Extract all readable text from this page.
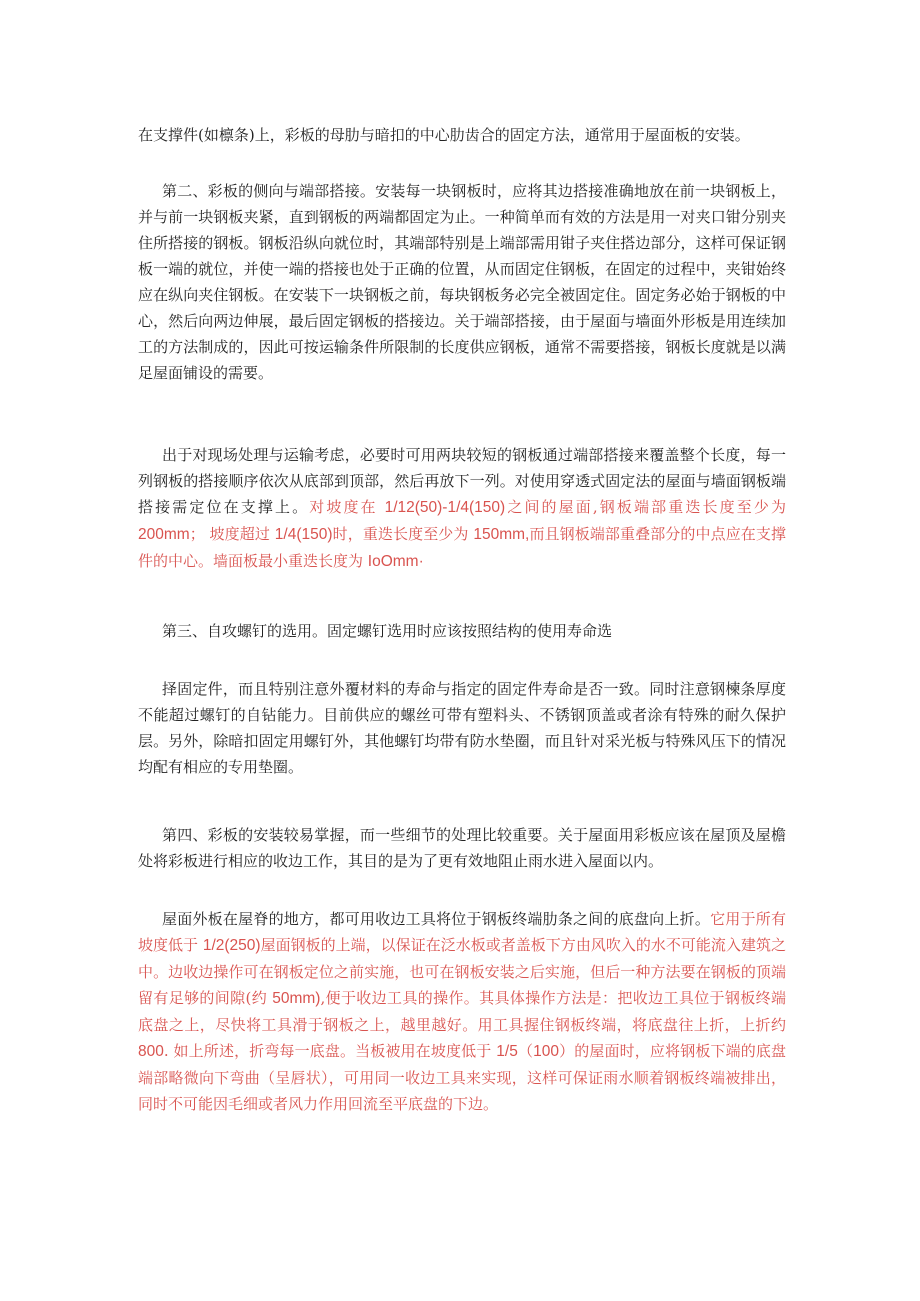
在支撑件(如檩条)上，彩板的母肋与暗扣的中心肋齿合的固定方法，通常用于屋面板的安装。

第二、彩板的侧向与端部搭接。安装每一块钢板时，应将其边搭接准确地放在前一块钢板上，并与前一块钢板夹紧，直到钢板的两端都固定为止。一种简单而有效的方法是用一对夹口钳分别夹住所搭接的钢板。钢板沿纵向就位时，其端部特别是上端部需用钳子夹住搭边部分，这样可保证钢板一端的就位，并使一端的搭接也处于正确的位置，从而固定住钢板，在固定的过程中，夹钳始终应在纵向夹住钢板。在安装下一块钢板之前，每块钢板务必完全被固定住。固定务必始于钢板的中心，然后向两边伸展，最后固定钢板的搭接边。关于端部搭接，由于屋面与墙面外形板是用连续加工的方法制成的，因此可按运输条件所限制的长度供应钢板，通常不需要搭接，钢板长度就是以满足屋面铺设的需要。

出于对现场处理与运输考虑，必要时可用两块较短的钢板通过端部搭接来覆盖整个长度，每一列钢板的搭接顺序依次从底部到顶部，然后再放下一列。对使用穿透式固定法的屋面与墙面钢板端搭接需定位在支撑上。对坡度在 1/12(50)-1/4(150)之间的屋面,钢板端部重迭长度至少为 200mm； 坡度超过 1/4(150)时，重迭长度至少为 150mm,而且钢板端部重叠部分的中点应在支撑件的中心。墙面板最小重迭长度为 IoOmm·

第三、自攻螺钉的选用。固定螺钉选用时应该按照结构的使用寿命选

择固定件，而且特别注意外覆材料的寿命与指定的固定件寿命是否一致。同时注意钢楝条厚度不能超过螺钉的自钻能力。目前供应的螺丝可带有塑料头、不锈钢顶盖或者涂有特殊的耐久保护层。另外，除暗扣固定用螺钉外，其他螺钉均带有防水垫圈，而且针对采光板与特殊风压下的情况均配有相应的专用垫圈。

第四、彩板的安装较易掌握，而一些细节的处理比较重要。关于屋面用彩板应该在屋顶及屋檐处将彩板进行相应的收边工作，其目的是为了更有效地阻止雨水进入屋面以内。

屋面外板在屋脊的地方，都可用收边工具将位于钢板终端肋条之间的底盘向上折。它用于所有坡度低于 1/2(250)屋面钢板的上端，以保证在泛水板或者盖板下方由风吹入的水不可能流入建筑之中。边收边操作可在钢板定位之前实施，也可在钢板安装之后实施，但后一种方法要在钢板的顶端留有足够的间隙(约 50mm),便于收边工具的操作。其具体操作方法是：把收边工具位于钢板终端底盘之上，尽快将工具滑于钢板之上，越里越好。用工具握住钢板终端，将底盘往上折，上折约 800. 如上所述，折弯每一底盘。当板被用在坡度低于 1/5（100）的屋面时，应将钢板下端的底盘端部略微向下弯曲（呈唇状），可用同一收边工具来实现，这样可保证雨水顺着钢板终端被排出，同时不可能因毛细或者风力作用回流至平底盘的下边。
